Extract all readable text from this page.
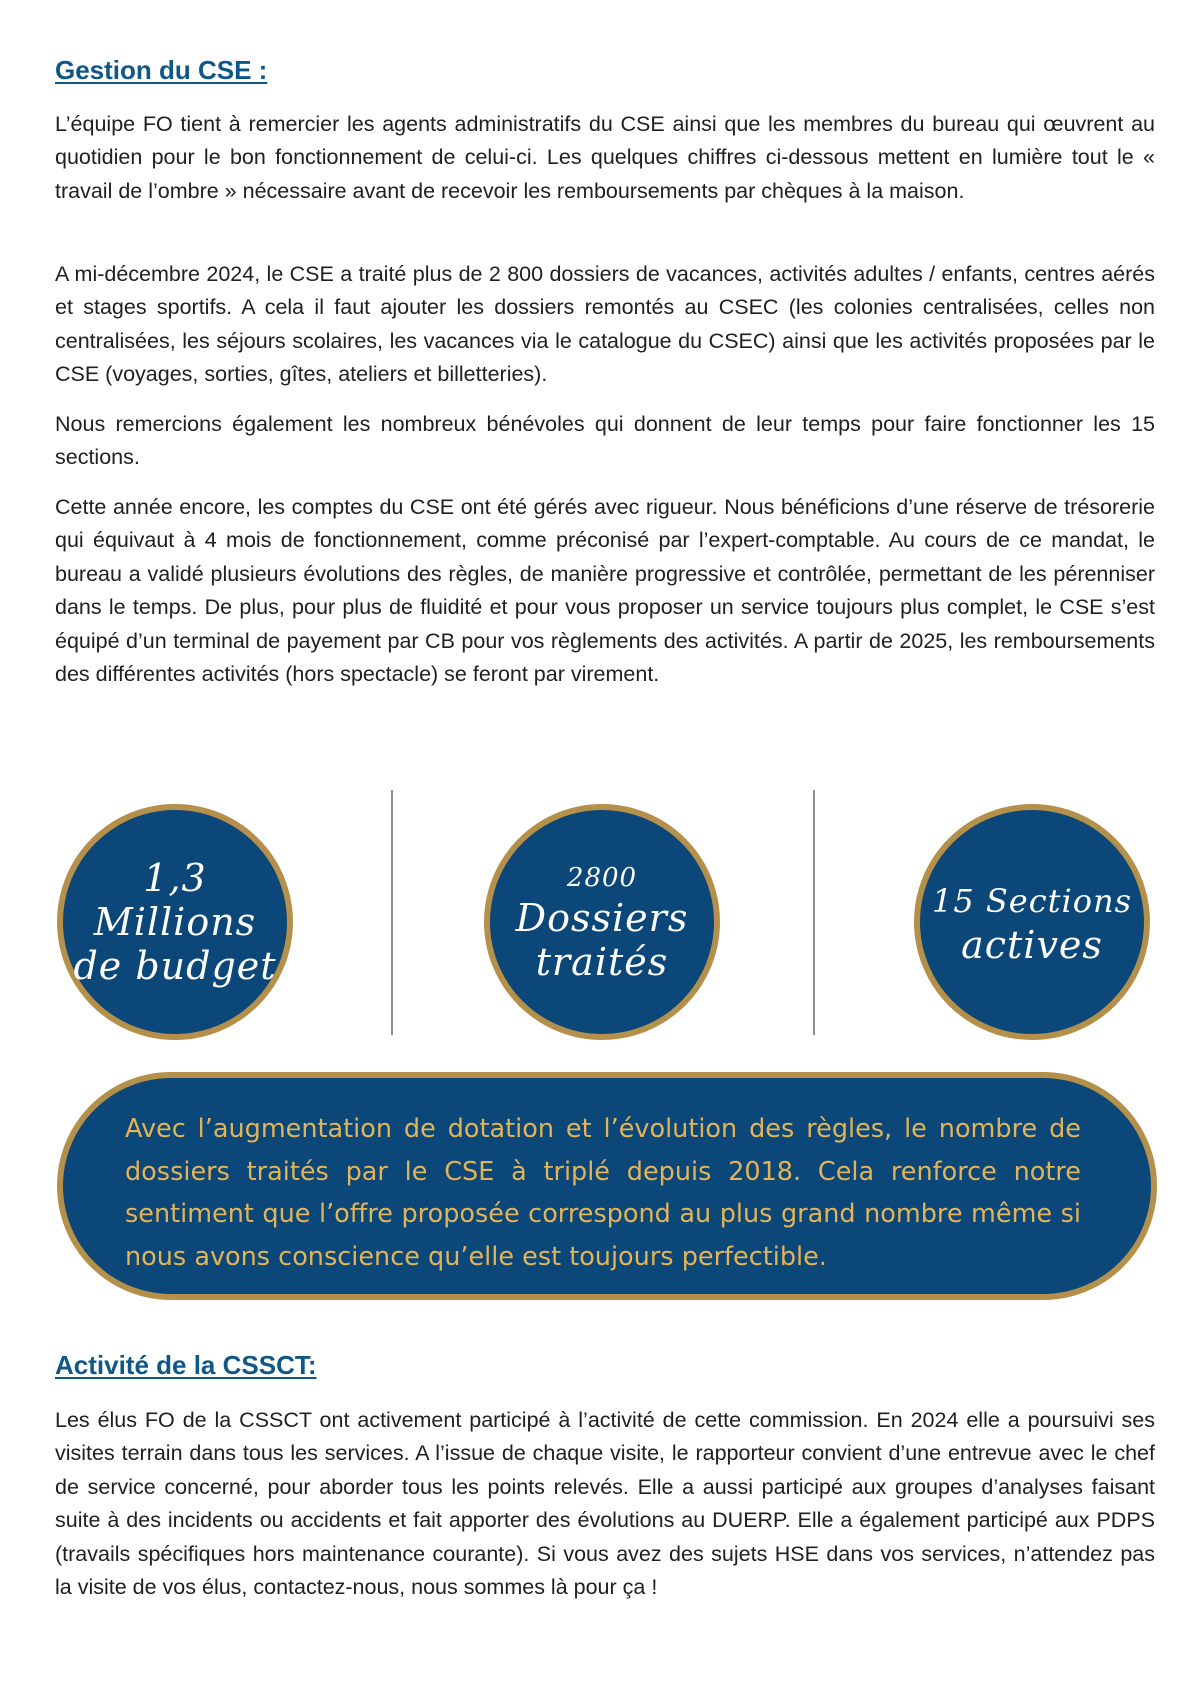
Gestion du CSE :

L’équipe FO tient à remercier les agents administratifs du CSE ainsi que les membres du bureau qui œuvrent au quotidien pour le bon fonctionnement de celui-ci. Les quelques chiffres ci-dessous mettent en lumière tout le « travail de l’ombre » nécessaire avant de recevoir les remboursements par chèques à la maison.

A mi-décembre 2024, le CSE a traité plus de 2 800 dossiers de vacances, activités adultes / enfants, centres aérés et stages sportifs. A cela il faut ajouter les dossiers remontés au CSEC (les colonies centralisées, celles non centralisées, les séjours scolaires, les vacances via le catalogue du CSEC) ainsi que les activités proposées par le CSE (voyages, sorties, gîtes, ateliers et billetteries).

Nous remercions également les nombreux bénévoles qui donnent de leur temps pour faire fonctionner les 15 sections.

Cette année encore, les comptes du CSE ont été gérés avec rigueur. Nous bénéficions d’une réserve de trésorerie qui équivaut à 4 mois de fonctionnement, comme préconisé par l’expert-comptable. Au cours de ce mandat, le bureau a validé plusieurs évolutions des règles, de manière progressive et contrôlée, permettant de les pérenniser dans le temps. De plus, pour plus de fluidité et pour vous proposer un service toujours plus complet, le CSE s’est équipé d’un terminal de payement par CB pour vos règlements des activités. A partir de 2025, les remboursements des différentes activités (hors spectacle) se feront par virement.

1,3 Millions
de budget
2800
Dossiers
traités
15 Sections
actives

Avec l’augmentation de dotation et l’évolution des règles, le nombre de dossiers traités par le CSE à triplé depuis 2018. Cela renforce notre sentiment que l’offre proposée correspond au plus grand nombre même si nous avons conscience qu’elle est toujours perfectible.

Activité de la CSSCT:

Les élus FO de la CSSCT ont activement participé à l’activité de cette commission. En 2024 elle a poursuivi ses visites terrain dans tous les services. A l’issue de chaque visite, le rapporteur convient d’une entrevue avec le chef de service concerné, pour aborder tous les points relevés. Elle a aussi participé aux groupes d’analyses faisant suite à des incidents ou accidents et fait apporter des évolutions au DUERP. Elle a également participé aux PDPS (travails spécifiques hors maintenance courante). Si vous avez des sujets HSE dans vos services, n’attendez pas la visite de vos élus, contactez-nous, nous sommes là pour ça !
